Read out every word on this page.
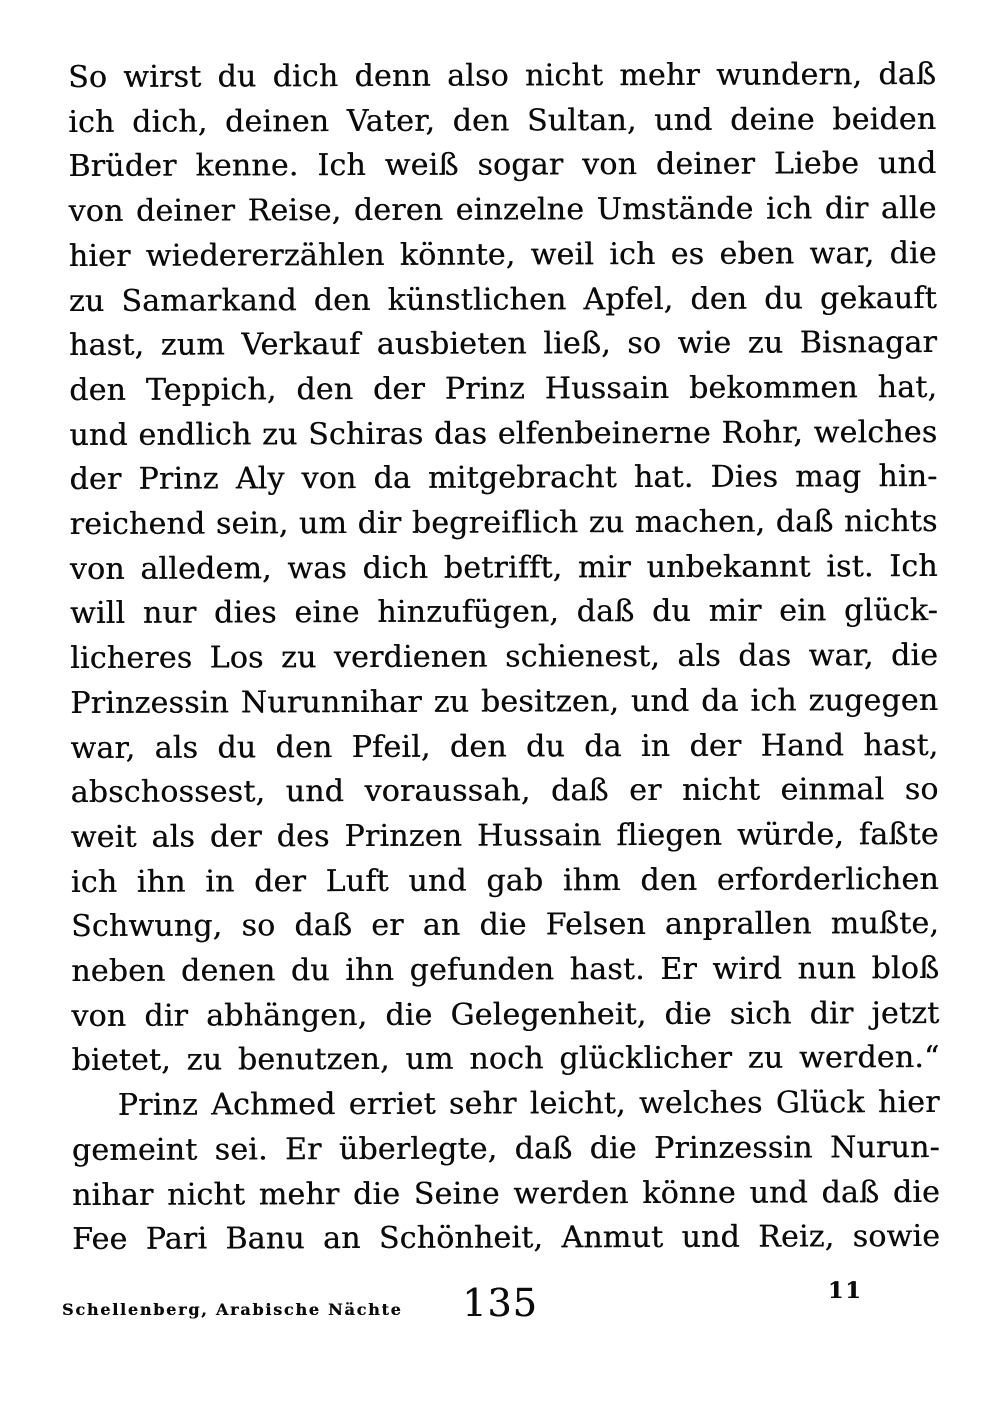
So wirst du dich denn also nicht mehr wundern, daß
ich dich, deinen Vater, den Sultan, und deine beiden
Brüder kenne. Ich weiß sogar von deiner Liebe und
von deiner Reise, deren einzelne Umstände ich dir alle
hier wiedererzählen könnte, weil ich es eben war, die
zu Samarkand den künstlichen Apfel, den du gekauft
hast, zum Verkauf ausbieten ließ, so wie zu Bisnagar
den Teppich, den der Prinz Hussain bekommen hat,
und endlich zu Schiras das elfenbeinerne Rohr, welches
der Prinz Aly von da mitgebracht hat. Dies mag hin-
reichend sein, um dir begreiflich zu machen, daß nichts
von alledem, was dich betrifft, mir unbekannt ist. Ich
will nur dies eine hinzufügen, daß du mir ein glück-
licheres Los zu verdienen schienest, als das war, die
Prinzessin Nurunnihar zu besitzen, und da ich zugegen
war, als du den Pfeil, den du da in der Hand hast,
abschossest, und voraussah, daß er nicht einmal so
weit als der des Prinzen Hussain fliegen würde, faßte
ich ihn in der Luft und gab ihm den erforderlichen
Schwung, so daß er an die Felsen anprallen mußte,
neben denen du ihn gefunden hast. Er wird nun bloß
von dir abhängen, die Gelegenheit, die sich dir jetzt
bietet, zu benutzen, um noch glücklicher zu werden.“
Prinz Achmed erriet sehr leicht, welches Glück hier
gemeint sei. Er überlegte, daß die Prinzessin Nurun-
nihar nicht mehr die Seine werden könne und daß die
Fee Pari Banu an Schönheit, Anmut und Reiz, sowie
Schellenberg, Arabische Nächte	135	11
